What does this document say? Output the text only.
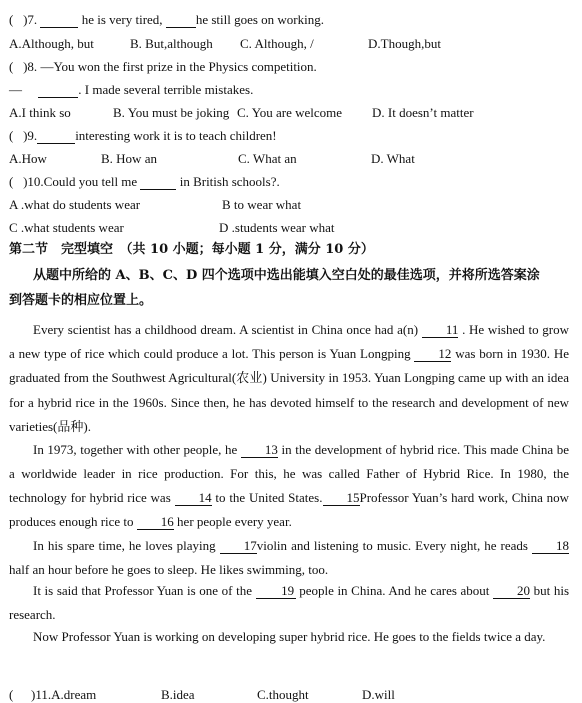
( )7.	he is very tired,	he still goes on working.
A.Although, but	B. But,although C. Although, /	D.Though,but
( )8. —You won the first prize in the Physics competition.
—	. I made several terrible mistakes.
A.I think so	B. You must be joking C. You are welcome D. It doesn’t matter
( )9.	interesting work it is to teach children!
A.How	B. How an	C. What an	D. What
( )10.Could you tell me	in British schools?.
A .what do students wear	B to wear what
C .what students wear	D .students wear what
第二节　完型填空　（共 10 小题；每小题 1 分，满分 10 分）
从题中所给的 A、B、C、D 四个选项中选出能填入空白处的最佳选项，并将所选答案涂
到答题卡的相应位置上。
Every scientist has a childhood dream. A scientist in China once had a(n) 11 . He wished to grow a new type of rice which could produce a lot. This person is Yuan Longping 12 was born in 1930. He graduated from the Southwest Agricultural(农业) University in 1953. Yuan Longping came up with an idea for a hybrid rice in the 1960s. Since then, he has devoted himself to the research and development of new varieties(品种).
In 1973, together with other people, he 13 in the development of hybrid rice. This made China be a worldwide leader in rice production. For this, he was called Father of Hybrid Rice. In 1980, the technology for hybrid rice was 14 to the United States. 15Professor Yuan’s hard work, China now produces enough rice to 16 her people every year.
In his spare time, he loves playing 17violin and listening to music. Every night, he reads 18 half an hour before he goes to sleep. He likes swimming, too.
It is said that Professor Yuan is one of the 19 people in China. And he cares about 20 but his research.
Now Professor Yuan is working on developing super hybrid rice. He goes to the fields twice a day.
( )11.A.dream	B.idea	C.thought	D.will
